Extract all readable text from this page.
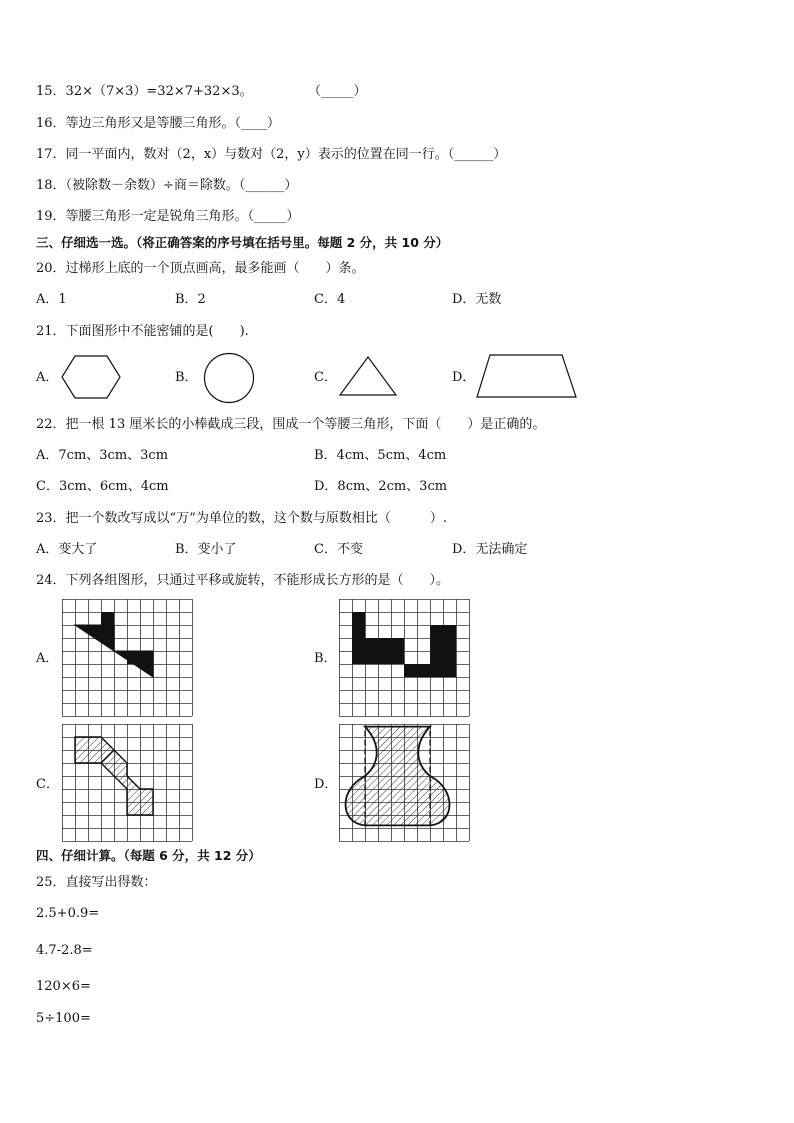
15．32×（7×3）=32×7+32×3。	（_____）
16．等边三角形又是等腰三角形。（____）
17．同一平面内，数对（2，x）与数对（2，y）表示的位置在同一行。（______）
18．（被除数－余数）÷商＝除数。（______）
19．等腰三角形一定是锐角三角形。（_____）
三、仔细选一选。（将正确答案的序号填在括号里。每题 2 分，共 10 分）
20．过梯形上底的一个顶点画高，最多能画（　　）条。
A．1	B．2	C．4	D．无数
21．下面图形中不能密铺的是(　　).
A．	B．	C．	D．
22．把一根 13 厘米长的小棒截成三段，围成一个等腰三角形，下面（　　）是正确的。
A．7cm、3cm、3cm	B．4cm、5cm、4cm
C．3cm、6cm、4cm	D．8cm、2cm、3cm
23．把一个数改写成以“万”为单位的数，这个数与原数相比（　　　）.
A．变大了	B．变小了	C．不变	D．无法确定
24．下列各组图形，只通过平移或旋转，不能形成长方形的是（　　）。
A．	B．
C．	D．
四、仔细计算。（每题 6 分，共 12 分）
25．直接写出得数：
2.5+0.9=
4.7-2.8=
120×6=
5÷100=
